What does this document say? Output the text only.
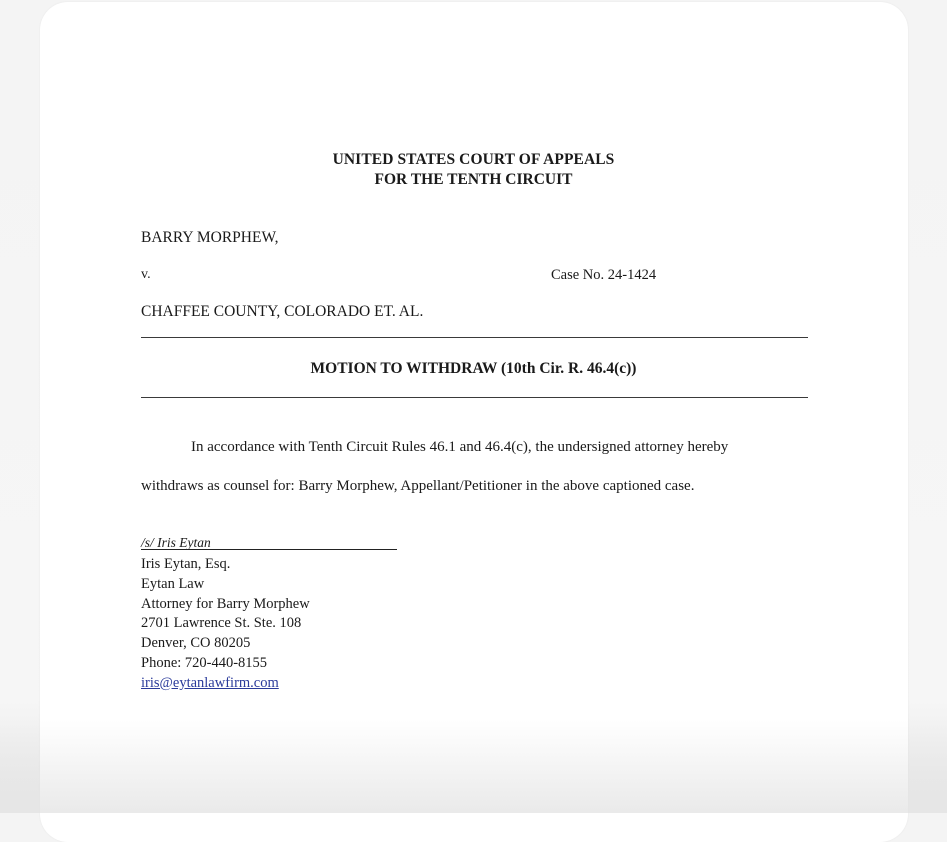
UNITED STATES COURT OF APPEALS
FOR THE TENTH CIRCUIT
BARRY MORPHEW,
v.	Case No. 24-1424
CHAFFEE COUNTY, COLORADO ET. AL.
MOTION TO WITHDRAW (10th Cir. R. 46.4(c))
In accordance with Tenth Circuit Rules 46.1 and 46.4(c), the undersigned attorney hereby
withdraws as counsel for: Barry Morphew, Appellant/Petitioner in the above captioned case.
/s/ Iris Eytan
Iris Eytan, Esq.
Eytan Law
Attorney for Barry Morphew
2701 Lawrence St. Ste. 108
Denver, CO 80205
Phone: 720-440-8155
iris@eytanlawfirm.com
